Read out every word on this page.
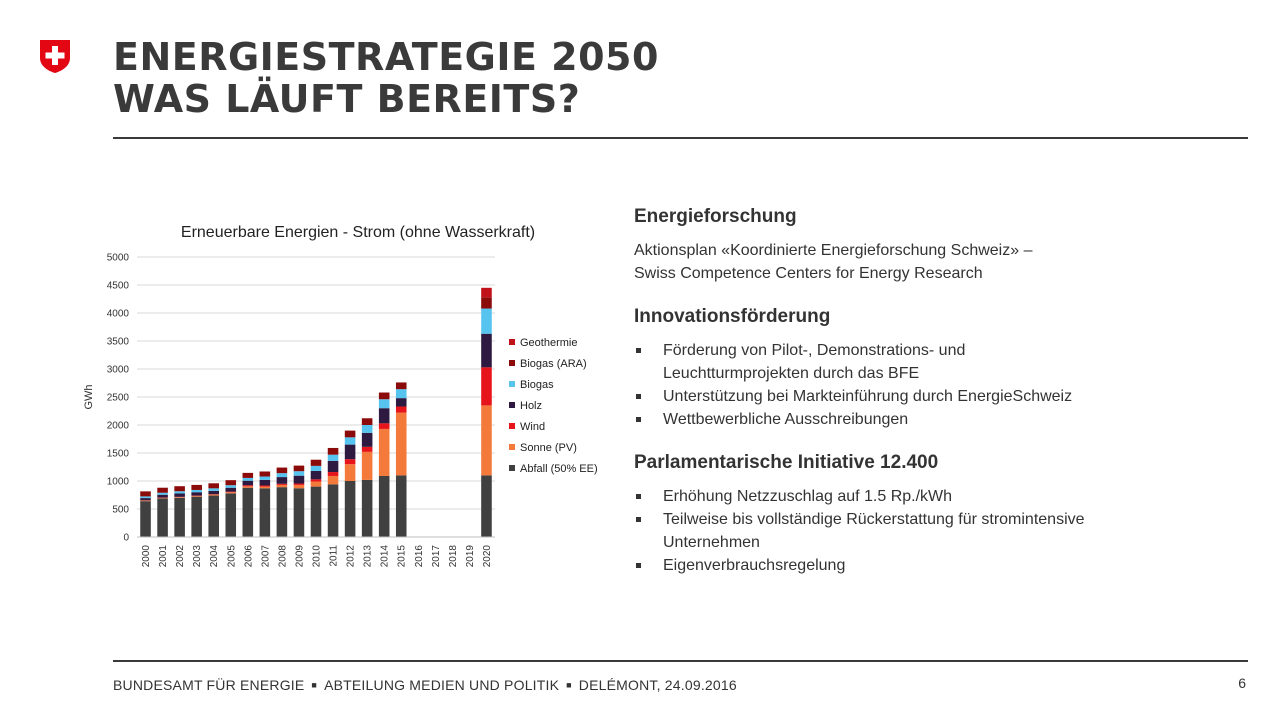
ENERGIESTRATEGIE 2050
WAS LÄUFT BEREITS?
Erneuerbare Energien - Strom (ohne Wasserkraft)
0
500
1000
1500
2000
2500
3000
3500
4000
4500
5000
GWh
2000 2001 2002 2003 2004 2005 2006 2007 2008 2009 2010 2011 2012 2013 2014 2015 2016 2017 2018 2019 2020
Geothermie
Biogas (ARA)
Biogas
Holz
Wind
Sonne (PV)
Abfall (50% EE)

Energieforschung

Aktionsplan «Koordinierte Energieforschung Schweiz» –
Swiss Competence Centers for Energy Research

Innovationsförderung

Förderung von Pilot-, Demonstrations- und Leuchtturmprojekten durch das BFE
Unterstützung bei Markteinführung durch EnergieSchweiz
Wettbewerbliche Ausschreibungen

Parlamentarische Initiative 12.400

Erhöhung Netzzuschlag auf 1.5 Rp./kWh
Teilweise bis vollständige Rückerstattung für stromintensive Unternehmen
Eigenverbrauchsregelung
BUNDESAMT FÜR ENERGIE ■ ABTEILUNG MEDIEN UND POLITIK ■ DELÉMONT, 24.09.2016	6
